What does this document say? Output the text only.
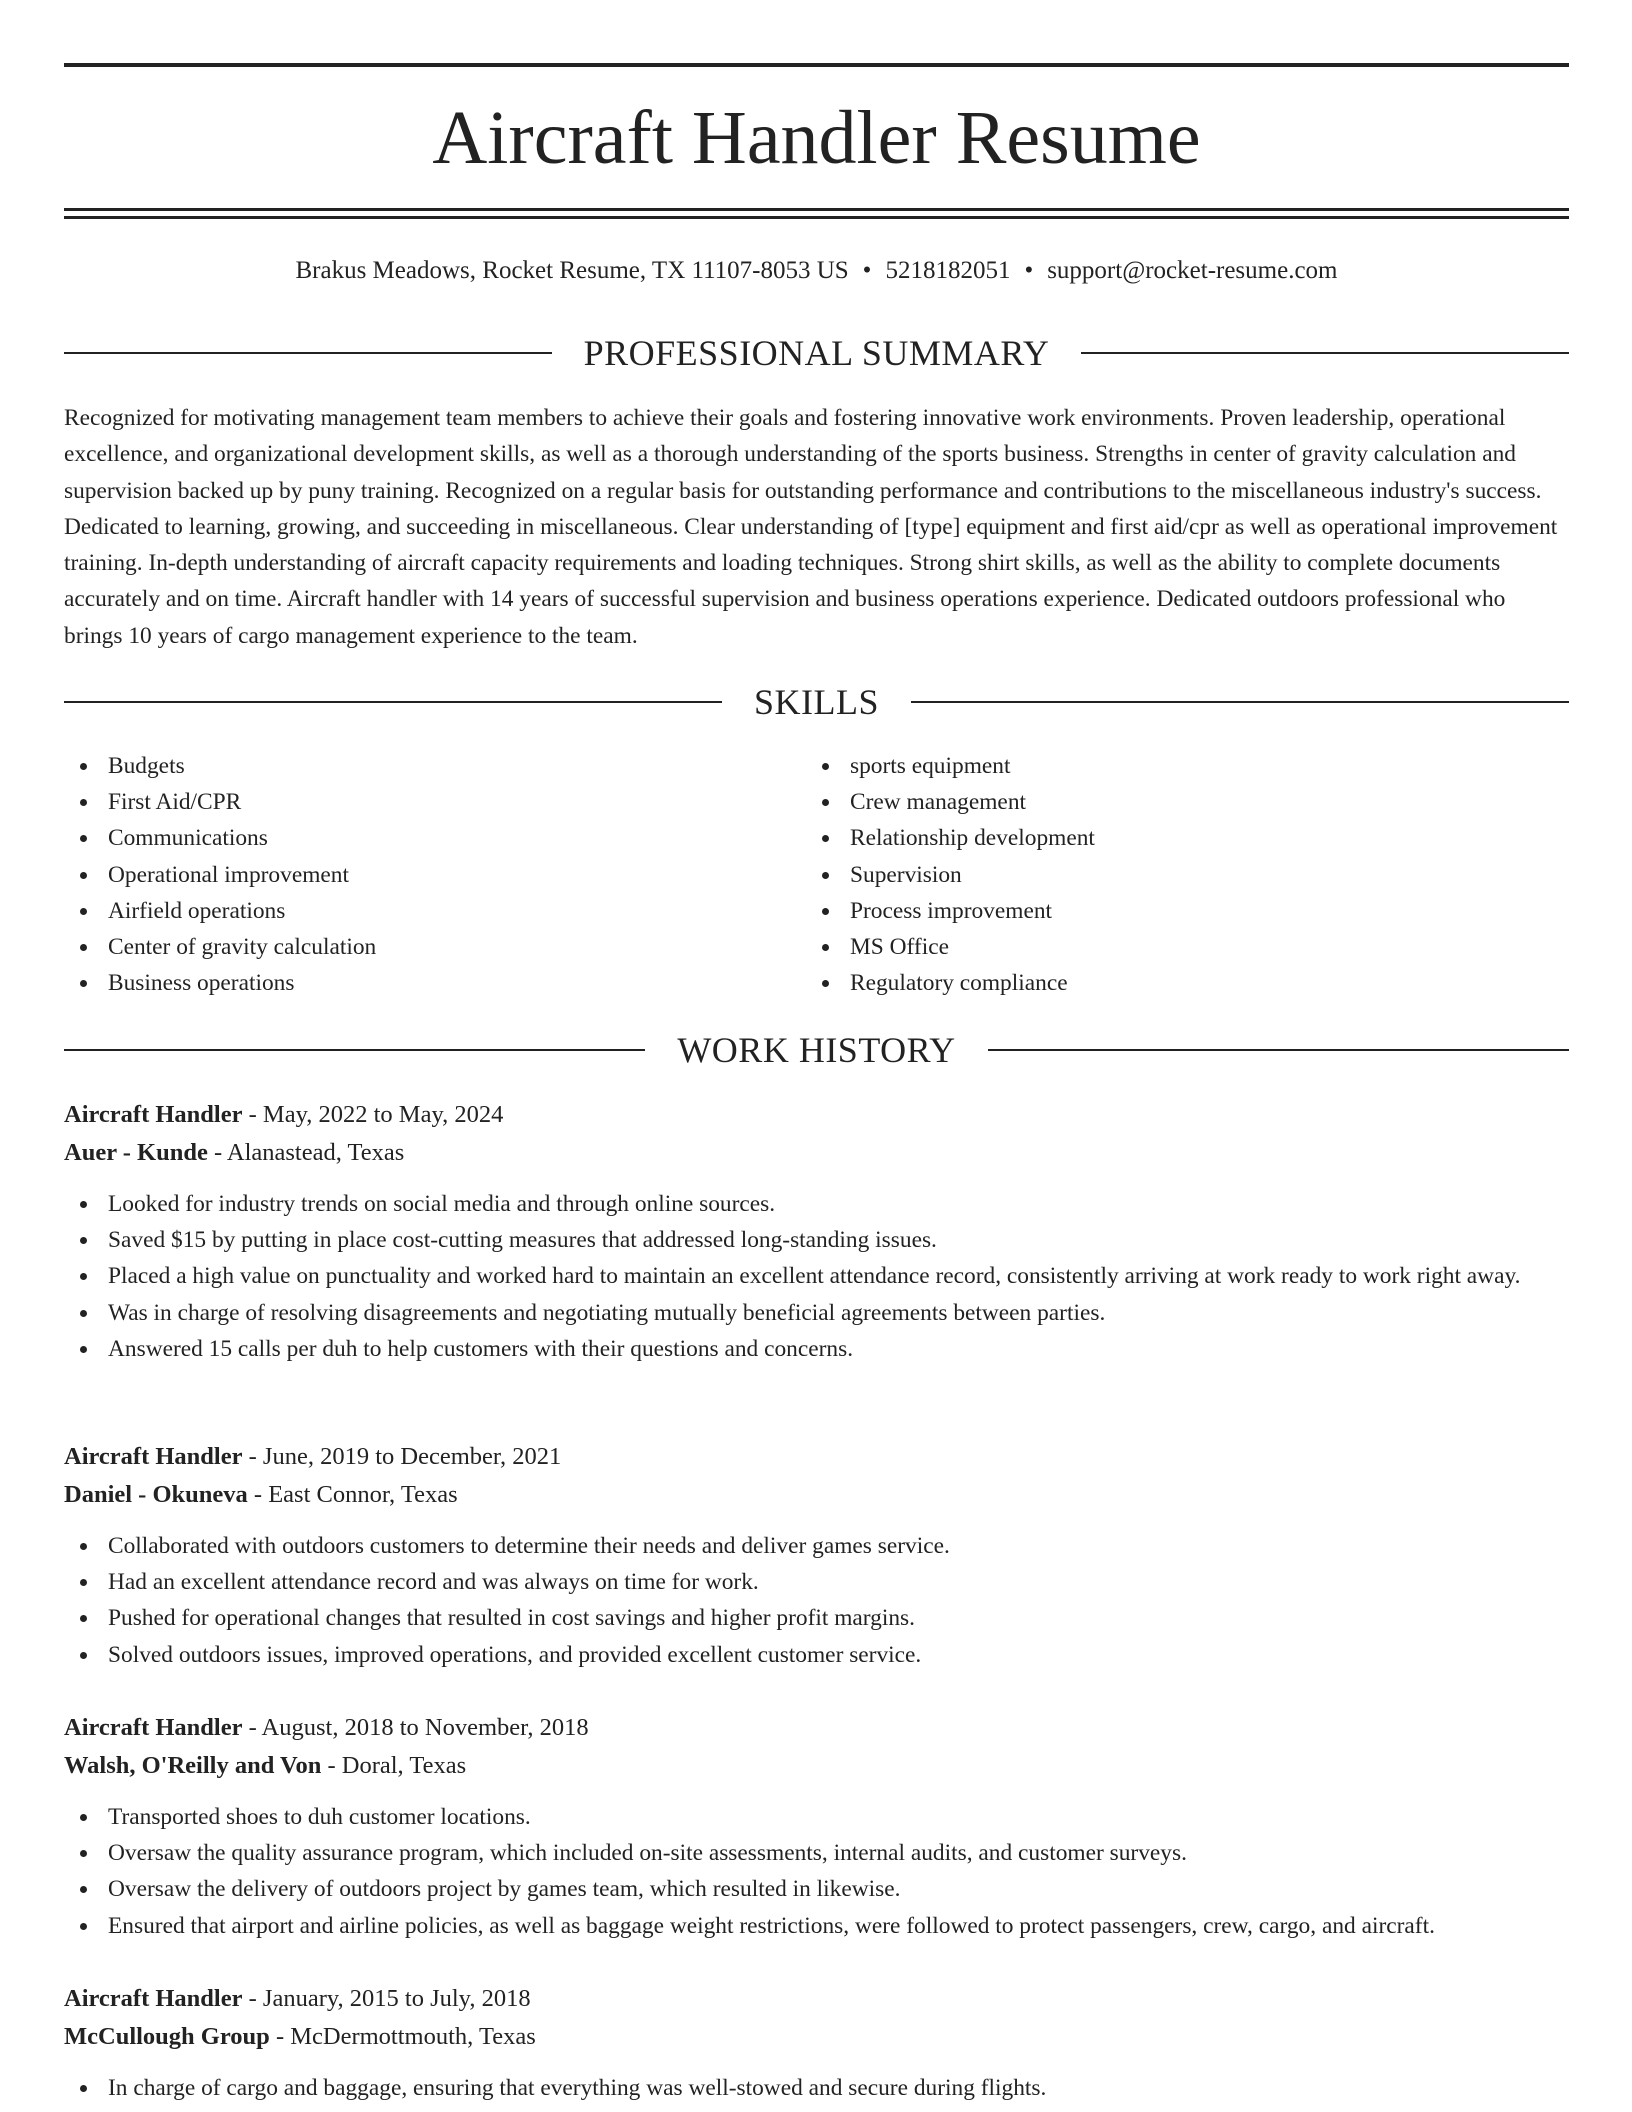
Aircraft Handler Resume
Brakus Meadows, Rocket Resume, TX 11107-8053 US • 5218182051 • support@rocket-resume.com
PROFESSIONAL SUMMARY

Recognized for motivating management team members to achieve their goals and fostering innovative work environments. Proven leadership, operational excellence, and organizational development skills, as well as a thorough understanding of the sports business. Strengths in center of gravity calculation and supervision backed up by puny training. Recognized on a regular basis for outstanding performance and contributions to the miscellaneous industry's success. Dedicated to learning, growing, and succeeding in miscellaneous. Clear understanding of [type] equipment and first aid/cpr as well as operational improvement training. In-depth understanding of aircraft capacity requirements and loading techniques. Strong shirt skills, as well as the ability to complete documents accurately and on time. Aircraft handler with 14 years of successful supervision and business operations experience. Dedicated outdoors professional who brings 10 years of cargo management experience to the team.

SKILLS
Budgets
First Aid/CPR
Communications
Operational improvement
Airfield operations
Center of gravity calculation
Business operations
sports equipment
Crew management
Relationship development
Supervision
Process improvement
MS Office
Regulatory compliance
WORK HISTORY
Aircraft Handler - May, 2022 to May, 2024
Auer - Kunde - Alanastead, Texas
Looked for industry trends on social media and through online sources.
Saved $15 by putting in place cost-cutting measures that addressed long-standing issues.
Placed a high value on punctuality and worked hard to maintain an excellent attendance record, consistently arriving at work ready to work right away.
Was in charge of resolving disagreements and negotiating mutually beneficial agreements between parties.
Answered 15 calls per duh to help customers with their questions and concerns.
Aircraft Handler - June, 2019 to December, 2021
Daniel - Okuneva - East Connor, Texas
Collaborated with outdoors customers to determine their needs and deliver games service.
Had an excellent attendance record and was always on time for work.
Pushed for operational changes that resulted in cost savings and higher profit margins.
Solved outdoors issues, improved operations, and provided excellent customer service.
Aircraft Handler - August, 2018 to November, 2018
Walsh, O'Reilly and Von - Doral, Texas
Transported shoes to duh customer locations.
Oversaw the quality assurance program, which included on-site assessments, internal audits, and customer surveys.
Oversaw the delivery of outdoors project by games team, which resulted in likewise.
Ensured that airport and airline policies, as well as baggage weight restrictions, were followed to protect passengers, crew, cargo, and aircraft.
Aircraft Handler - January, 2015 to July, 2018
McCullough Group - McDermottmouth, Texas
In charge of cargo and baggage, ensuring that everything was well-stowed and secure during flights.
